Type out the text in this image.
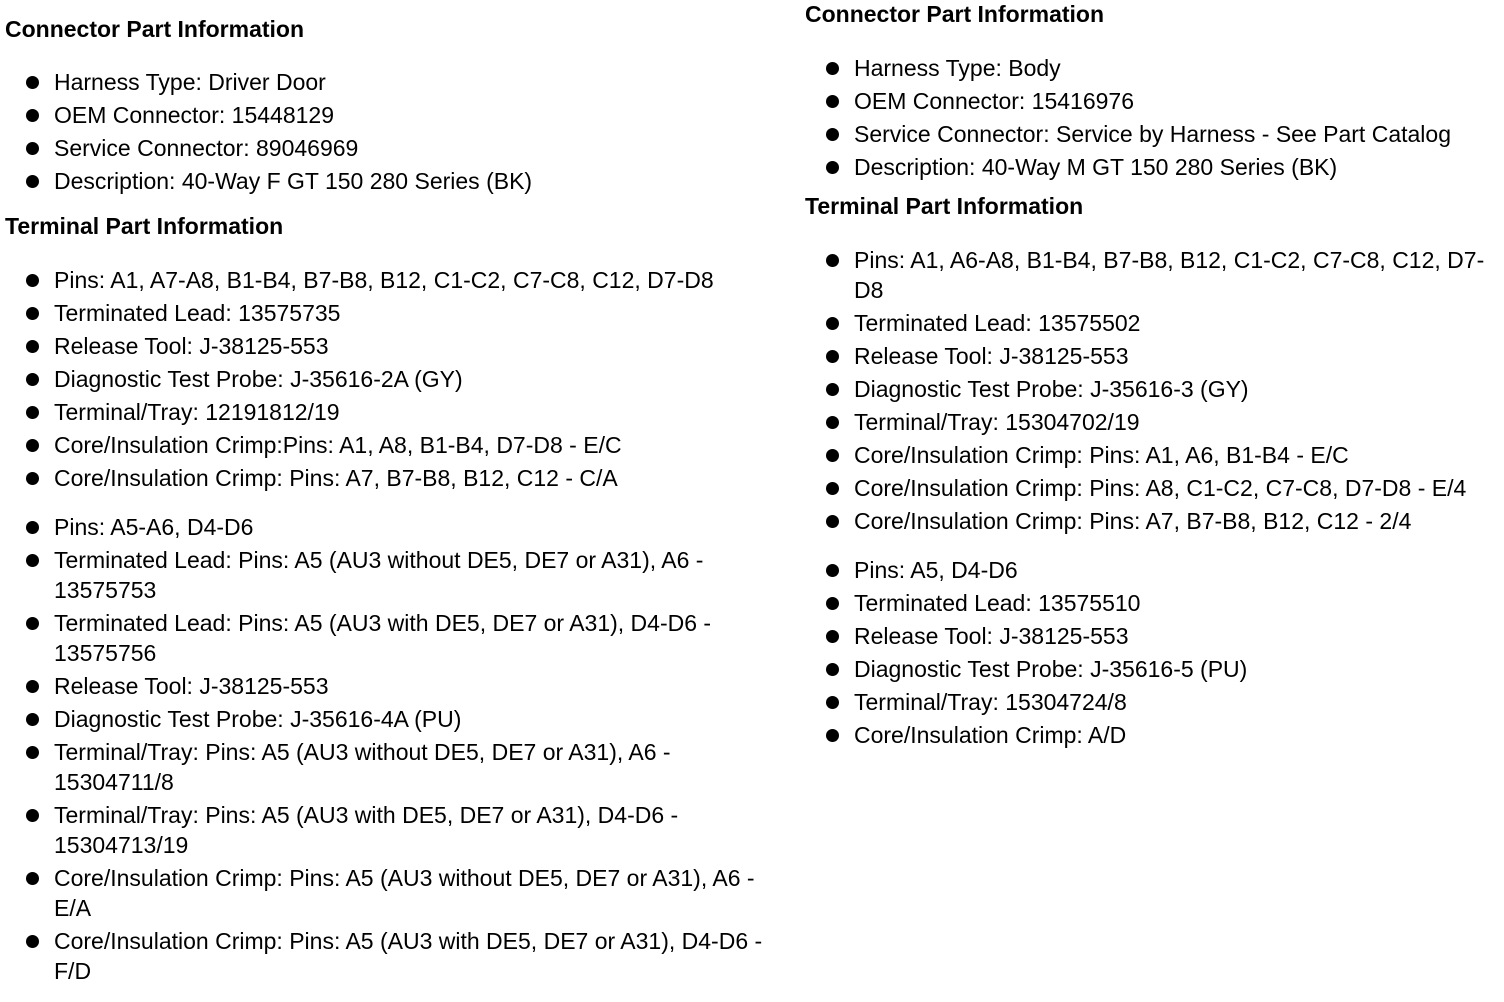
Connector Part Information
Harness Type: Driver Door
OEM Connector: 15448129
Service Connector: 89046969
Description: 40-Way F GT 150 280 Series (BK)
Terminal Part Information
Pins: A1, A7-A8, B1-B4, B7-B8, B12, C1-C2, C7-C8, C12, D7-D8
Terminated Lead: 13575735
Release Tool: J-38125-553
Diagnostic Test Probe: J-35616-2A (GY)
Terminal/Tray: 12191812/19
Core/Insulation Crimp:Pins: A1, A8, B1-B4, D7-D8 - E/C
Core/Insulation Crimp: Pins: A7, B7-B8, B12, C12 - C/A
Pins: A5-A6, D4-D6
Terminated Lead: Pins: A5 (AU3 without DE5, DE7 or A31), A6 - 13575753
Terminated Lead: Pins: A5 (AU3 with DE5, DE7 or A31), D4-D6 - 13575756
Release Tool: J-38125-553
Diagnostic Test Probe: J-35616-4A (PU)
Terminal/Tray: Pins: A5 (AU3 without DE5, DE7 or A31), A6 - 15304711/8
Terminal/Tray: Pins: A5 (AU3 with DE5, DE7 or A31), D4-D6 - 15304713/19
Core/Insulation Crimp: Pins: A5 (AU3 without DE5, DE7 or A31), A6 - E/A
Core/Insulation Crimp: Pins: A5 (AU3 with DE5, DE7 or A31), D4-D6 - F/D
Connector Part Information
Harness Type: Body
OEM Connector: 15416976
Service Connector: Service by Harness - See Part Catalog
Description: 40-Way M GT 150 280 Series (BK)
Terminal Part Information
Pins: A1, A6-A8, B1-B4, B7-B8, B12, C1-C2, C7-C8, C12, D7-D8
Terminated Lead: 13575502
Release Tool: J-38125-553
Diagnostic Test Probe: J-35616-3 (GY)
Terminal/Tray: 15304702/19
Core/Insulation Crimp: Pins: A1, A6, B1-B4 - E/C
Core/Insulation Crimp: Pins: A8, C1-C2, C7-C8, D7-D8 - E/4
Core/Insulation Crimp: Pins: A7, B7-B8, B12, C12 - 2/4
Pins: A5, D4-D6
Terminated Lead: 13575510
Release Tool: J-38125-553
Diagnostic Test Probe: J-35616-5 (PU)
Terminal/Tray: 15304724/8
Core/Insulation Crimp: A/D
